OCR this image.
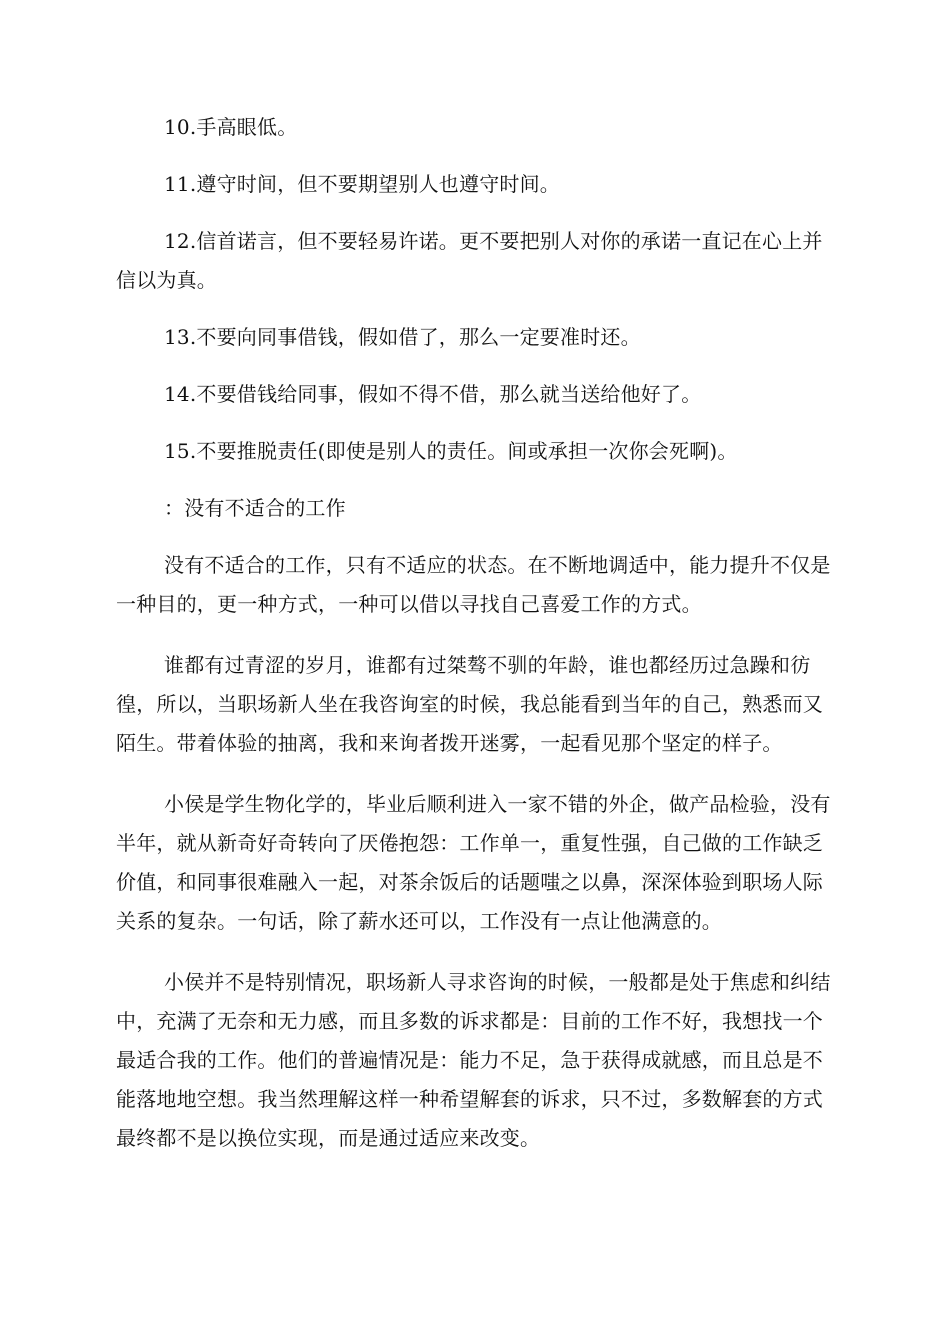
10.手高眼低。

11.遵守时间，但不要期望别人也遵守时间。

12.信首诺言，但不要轻易许诺。更不要把别人对你的承诺一直记在心上并信以为真。

13.不要向同事借钱，假如借了，那么一定要准时还。

14.不要借钱给同事，假如不得不借，那么就当送给他好了。

15.不要推脱责任(即使是别人的责任。间或承担一次你会死啊)。

：没有不适合的工作

没有不适合的工作，只有不适应的状态。在不断地调适中，能力提升不仅是一种目的，更一种方式，一种可以借以寻找自己喜爱工作的方式。

谁都有过青涩的岁月，谁都有过桀骜不驯的年龄，谁也都经历过急躁和彷徨，所以，当职场新人坐在我咨询室的时候，我总能看到当年的自己，熟悉而又陌生。带着体验的抽离，我和来询者拨开迷雾，一起看见那个坚定的样子。

小侯是学生物化学的，毕业后顺利进入一家不错的外企，做产品检验，没有半年，就从新奇好奇转向了厌倦抱怨：工作单一，重复性强，自己做的工作缺乏价值，和同事很难融入一起，对茶余饭后的话题嗤之以鼻，深深体验到职场人际关系的复杂。一句话，除了薪水还可以，工作没有一点让他满意的。

小侯并不是特别情况，职场新人寻求咨询的时候，一般都是处于焦虑和纠结中，充满了无奈和无力感，而且多数的诉求都是：目前的工作不好，我想找一个最适合我的工作。他们的普遍情况是：能力不足，急于获得成就感，而且总是不能落地地空想。我当然理解这样一种希望解套的诉求，只不过，多数解套的方式最终都不是以换位实现，而是通过适应来改变。
